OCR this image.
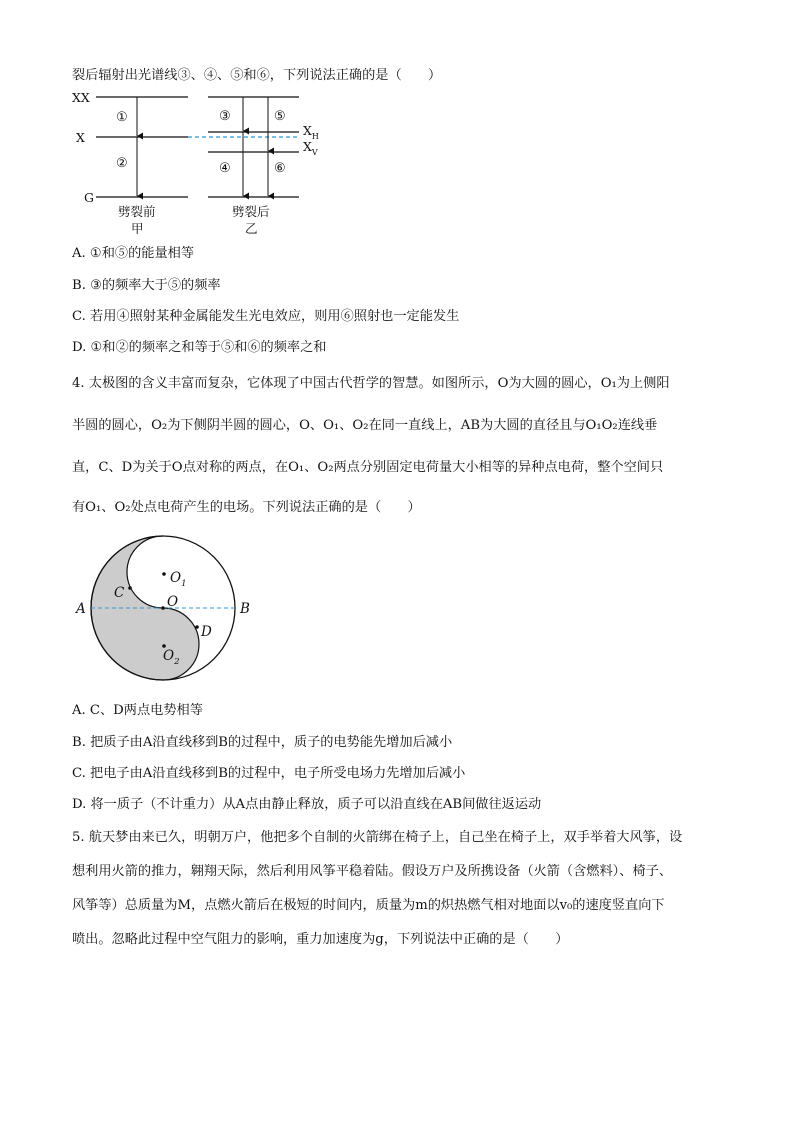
裂后辐射出光谱线③、④、⑤和⑥，下列说法正确的是（　　）
XX
X
G
①
②
劈裂前
甲
$X_H$
$X_V$
③
④
⑤
⑥
劈裂后
乙
A. ①和⑤的能量相等
B. ③的频率大于⑤的频率
C. 若用④照射某种金属能发生光电效应，则用⑥照射也一定能发生
D. ①和②的频率之和等于⑤和⑥的频率之和
4. 太极图的含义丰富而复杂，它体现了中国古代哲学的智慧。如图所示，O为大圆的圆心，O₁为上侧阳
半圆的圆心，O₂为下侧阴半圆的圆心，O、O₁、O₂在同一直线上，AB为大圆的直径且与O₁O₂连线垂
直，C、D为关于O点对称的两点，在O₁、O₂两点分别固定电荷量大小相等的异种点电荷，整个空间只
有O₁、O₂处点电荷产生的电场。下列说法正确的是（　　）
A	B
C
D
O
$O_1$
$O_2$
A. C、D两点电势相等
B. 把质子由A沿直线移到B的过程中，质子的电势能先增加后减小
C. 把电子由A沿直线移到B的过程中，电子所受电场力先增加后减小
D. 将一质子（不计重力）从A点由静止释放，质子可以沿直线在AB间做往返运动
5. 航天梦由来已久，明朝万户，他把多个自制的火箭绑在椅子上，自己坐在椅子上，双手举着大风筝，设
想利用火箭的推力，翱翔天际，然后利用风筝平稳着陆。假设万户及所携设备（火箭（含燃料）、椅子、
风筝等）总质量为M，点燃火箭后在极短的时间内，质量为m的炽热燃气相对地面以v₀的速度竖直向下
喷出。忽略此过程中空气阻力的影响，重力加速度为g，下列说法中正确的是（　　）
